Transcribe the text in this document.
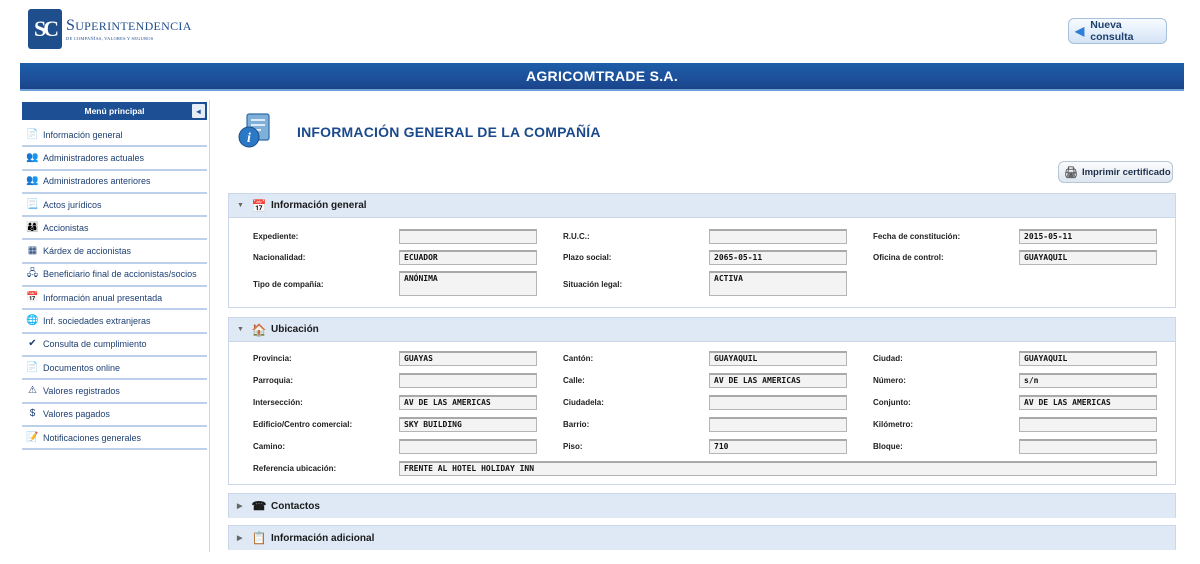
SC SUPERINTENDENCIA
DE COMPAÑÍAS, VALORES Y SEGUROS
◀ Nueva consulta
AGRICOMTRADE S.A.
Menú principal	◂
📄 Información general
👥 Administradores actuales
👥 Administradores anteriores
📃 Actos jurídicos
👨‍👩‍👦 Accionistas
▦ Kárdex de accionistas
🖧 Beneficiario final de accionistas/socios
📅 Información anual presentada
🌐 Inf. sociedades extranjeras
✔ Consulta de cumplimiento
📄 Documentos online
⚠ Valores registrados
$ Valores pagados
📝 Notificaciones generales
i	INFORMACIÓN GENERAL DE LA COMPAÑÍA
🖨 Imprimir certificado
▼ 📅 Información general
Expediente:	R.U.C.:	Fecha de constitución:	2015-05-11
Nacionalidad:	ECUADOR	Plazo social:	2065-05-11	Oficina de control:	GUAYAQUIL
Tipo de compañía:
ANÓNIMA
Situación legal:
ACTIVA
▼ 🏠 Ubicación
Provincia:	GUAYAS	Cantón:	GUAYAQUIL	Ciudad:	GUAYAQUIL
Parroquia:	Calle:	AV DE LAS AMERICAS	Número:	s/n
Intersección:	AV DE LAS AMERICAS	Ciudadela:	Conjunto:	AV DE LAS AMERICAS
Edificio/Centro comercial:	SKY BUILDING	Barrio:	Kilómetro:
Camino:	Piso:	710	Bloque:
Referencia ubicación:	FRENTE AL HOTEL HOLIDAY INN
▶ ☎ Contactos
▶ 📋 Información adicional
